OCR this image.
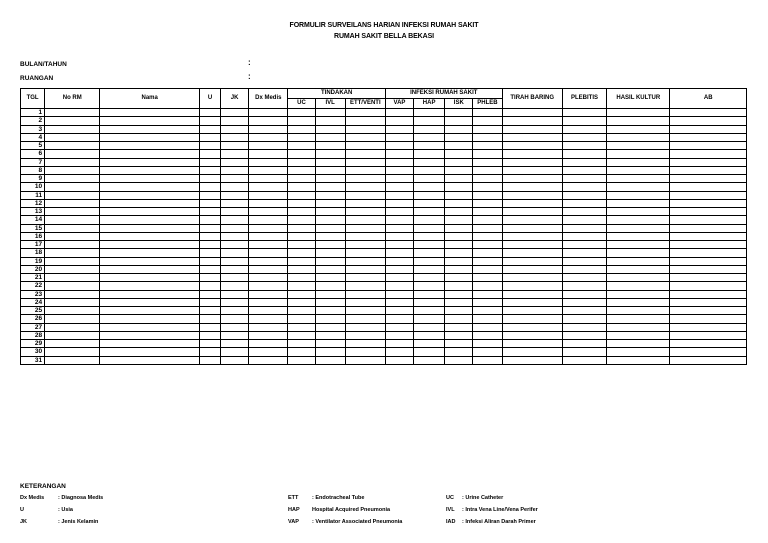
FORMULIR SURVEILANS HARIAN INFEKSI RUMAH SAKIT
RUMAH SAKIT BELLA BEKASI
BULAN/TAHUN	:
RUANGAN	:
TGL	No RM	Nama	U	JK	Dx Medis	TINDAKAN			INFEKSI RUMAH SAKIT				TIRAH BARING	PLEBITIS	HASIL KULTUR	AB
						UC	IVL	ETT/VENTI	VAP	HAP	ISK	PHLEB				
1																
2																
3																
4																
5																
6																
7																
8																
9																
10																
11																
12																
13																
14																
15																
16																
17																
18																
19																
20																
21																
22																
23																
24																
25																
26																
27																
28																
29																
30																
31																
KETERANGAN
Dx Medis	: Diagnosa Medis
U	: Usia
JK	: Jenis Kelamin
ETT : Endotracheal Tube
HAP Hospital Acquired Pneumonia
VAP : Ventilator Associated Pneumonia
UC : Urine Catheter
IVL : Intra Vena Line/Vena Perifer
IAD : Infeksi Aliran Darah Primer
